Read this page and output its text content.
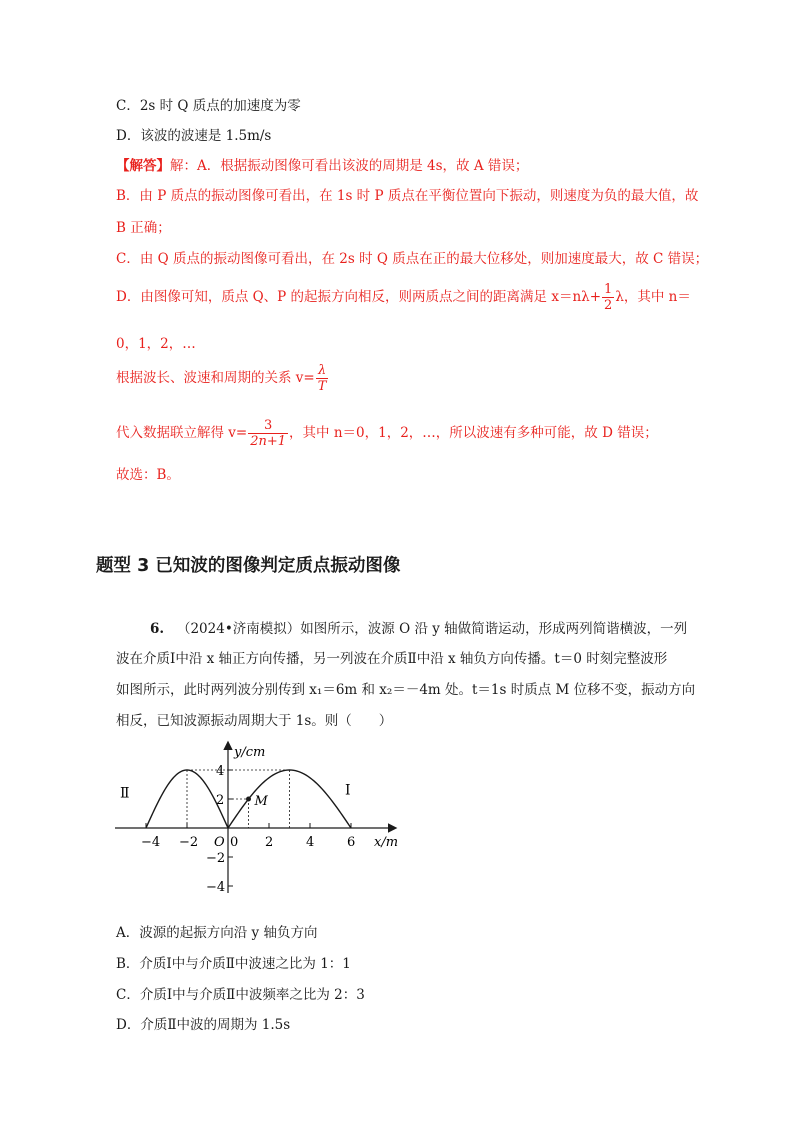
C．2s 时 Q 质点的加速度为零
D．该波的波速是 1.5m/s
【解答】解：A．根据振动图像可看出该波的周期是 4s，故 A 错误；
B．由 P 质点的振动图像可看出，在 1s 时 P 质点在平衡位置向下振动，则速度为负的最大值，故
B 正确；
C．由 Q 质点的振动图像可看出，在 2s 时 Q 质点在正的最大位移处，则加速度最大，故 C 错误；
D．由图像可知，质点 Q、P 的起振方向相反，则两质点之间的距离满足 $x=n\lambda+ \frac{1}{2}$ λ，其中 n＝
0，1，2，…
根据波长、波速和周期的关系 $v= \frac{\lambda}{T}$
代入数据联立解得 $v= \frac{3}{2n+1}$ ，其中 n＝0，1，2，…，所以波速有多种可能，故 D 错误；
故选：B。
题型 3 已知波的图像判定质点振动图像
6. （2024•济南模拟）如图所示，波源 O 沿 y 轴做简谐运动，形成两列简谐横波，一列
波在介质Ⅰ中沿 x 轴正方向传播，另一列波在介质Ⅱ中沿 x 轴负方向传播。t＝0 时刻完整波形
如图所示，此时两列波分别传到 x₁＝6m 和 x₂＝－4m 处。t＝1s 时质点 M 位移不变，振动方向
相反，已知波源振动周期大于 1s。则（　　）
x/m
y/cm
−4 −2 O 0 2	4	6
4
2
−2
−4
M
Ⅱ	Ⅰ
A．波源的起振方向沿 y 轴负方向
B．介质Ⅰ中与介质Ⅱ中波速之比为 1：1
C．介质Ⅰ中与介质Ⅱ中波频率之比为 2：3
D．介质Ⅱ中波的周期为 1.5s
